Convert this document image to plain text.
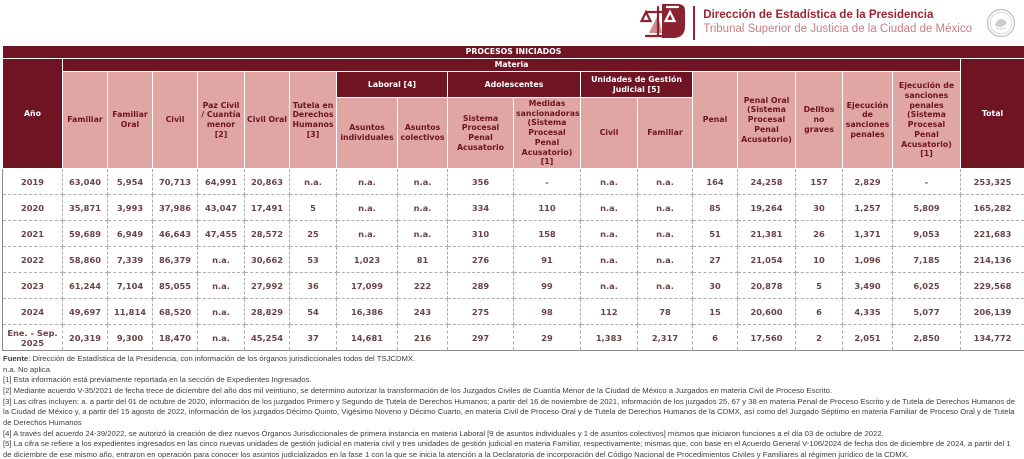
Dirección de Estadística de la Presidencia
Tribunal Superior de Justicia de la Ciudad de México
PROCESOS INICIADOS																		
Año	Materia																	Total
	Familiar	Familiar Oral	Civil	Paz Civil / Cuantía menor [2]	Civil Oral	Tutela en Derechos Humanos [3]	Laboral [4]		Adolescentes		Unidades de Gestión Judicial [5]		Penal	Penal Oral (Sistema Procesal Penal Acusatorio)	Delitos no graves	Ejecución de sanciones penales	Ejecución de sanciones penales (Sistema Procesal Penal Acusatorio) [1]	
							Asuntos individuales	Asuntos colectivos	Sistema Procesal Penal Acusatorio	Medidas sancionadoras (Sistema Procesal Penal Acusatorio) [1]	Civil	Familiar						
2019	63,040	5,954	70,713	64,991	20,863	n.a.	n.a.	n.a.	356	-	n.a.	n.a.	164	24,258	157	2,829	-	253,325
2020	35,871	3,993	37,986	43,047	17,491	5	n.a.	n.a.	334	110	n.a.	n.a.	85	19,264	30	1,257	5,809	165,282
2021	59,689	6,949	46,643	47,455	28,572	25	n.a.	n.a.	310	158	n.a.	n.a.	51	21,381	26	1,371	9,053	221,683
2022	58,860	7,339	86,379	n.a.	30,662	53	1,023	81	276	91	n.a.	n.a.	27	21,054	10	1,096	7,185	214,136
2023	61,244	7,104	85,055	n.a.	27,992	36	17,099	222	289	99	n.a.	n.a.	30	20,878	5	3,490	6,025	229,568
2024	49,697	11,814	68,520	n.a.	28,829	54	16,386	243	275	98	112	78	15	20,600	6	4,335	5,077	206,139
Ene. - Sep. 2025	20,319	9,300	18,470	n.a.	45,254	37	14,681	216	297	29	1,383	2,317	6	17,560	2	2,051	2,850	134,772

Fuente: Dirección de Estadística de la Presidencia, con información de los órganos jurisdiccionales todos del TSJCDMX.

n.a. No aplica

[1] Esta información está previamente reportada en la sección de Expedientes Ingresados.

[2] Mediante acuerdo V-35/2021 de fecha trece de diciembre del año dos mil veintiuno, se determino autorizar la transformación de los Juzgados Civiles de Cuantía Menor de la Ciudad de México a Juzgados en materia Civil de Proceso Escrito.

[3] Las cifras incluyen: a. a partir del 01 de octubre de 2020, información de los juzgados Primero y Segundo de Tutela de Derechos Humanos; a partir del 16 de noviembre de 2021, información de los juzgados 25, 67 y 38 en materia Penal de Proceso Escrito y de Tutela de Derechos Humanos de la Ciudad de México y, a partir del 15 agosto de 2022, información de los juzgados Décimo Quinto, Vigésimo Noveno y Décimo Cuarto, en materia Civil de Proceso Oral y de Tutela de Derechos Humanos de la CDMX, así como del Juzgado Séptimo en materia Familiar de Proceso Oral y de Tutela de Derechos Humanos

[4] A través del acuerdo 24-39/2022, se autorizó la creación de diez nuevos Órganos Jurisdiccionales de primera instancia en materia Laboral [9 de asuntos individuales y 1 de asuntos colectivos] mismos que iniciaron funciones a el día 03 de octubre de 2022.

[5] La cifra se refiere a los expedientes ingresados en las cinco nuevas unidades de gestión judicial en materia civil y tres unidades de gestión judicial en materia Familiar, respectivamente; mismas que, con base en el Acuerdo General V-106/2024 de fecha dos de diciembre de 2024, a partir del 1 de diciembre de ese mismo año, entraron en operación para conocer los asuntos judicializados en la fase 1 con la que se inicia la atención a la Declaratoria de incorporación del Código Nacional de Procedimientos Civiles y Familiares al régimen jurídico de la CDMX.
